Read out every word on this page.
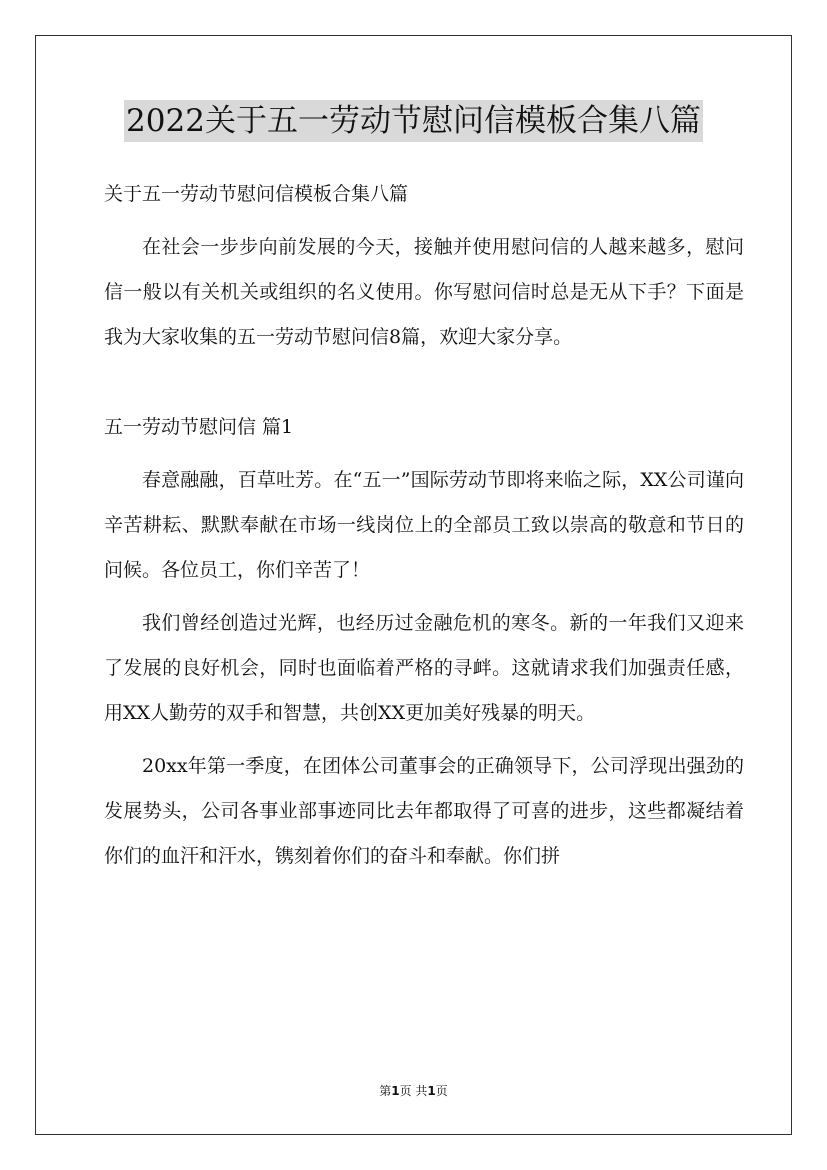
2022关于五一劳动节慰问信模板合集八篇

关于五一劳动节慰问信模板合集八篇

在社会一步步向前发展的今天，接触并使用慰问信的人越来越多，慰问信一般以有关机关或组织的名义使用。你写慰问信时总是无从下手？下面是我为大家收集的五一劳动节慰问信8篇，欢迎大家分享。

五一劳动节慰问信 篇1

春意融融，百草吐芳。在“五一”国际劳动节即将来临之际，XX公司谨向辛苦耕耘、默默奉献在市场一线岗位上的全部员工致以崇高的敬意和节日的问候。各位员工，你们辛苦了！

我们曾经创造过光辉，也经历过金融危机的寒冬。新的一年我们又迎来了发展的良好机会，同时也面临着严格的寻衅。这就请求我们加强责任感，用XX人勤劳的双手和智慧，共创XX更加美好残暴的明天。

20xx年第一季度，在团体公司董事会的正确领导下，公司浮现出强劲的发展势头，公司各事业部事迹同比去年都取得了可喜的进步，这些都凝结着你们的血汗和汗水，镌刻着你们的奋斗和奉献。你们拼

第1页 共1页
